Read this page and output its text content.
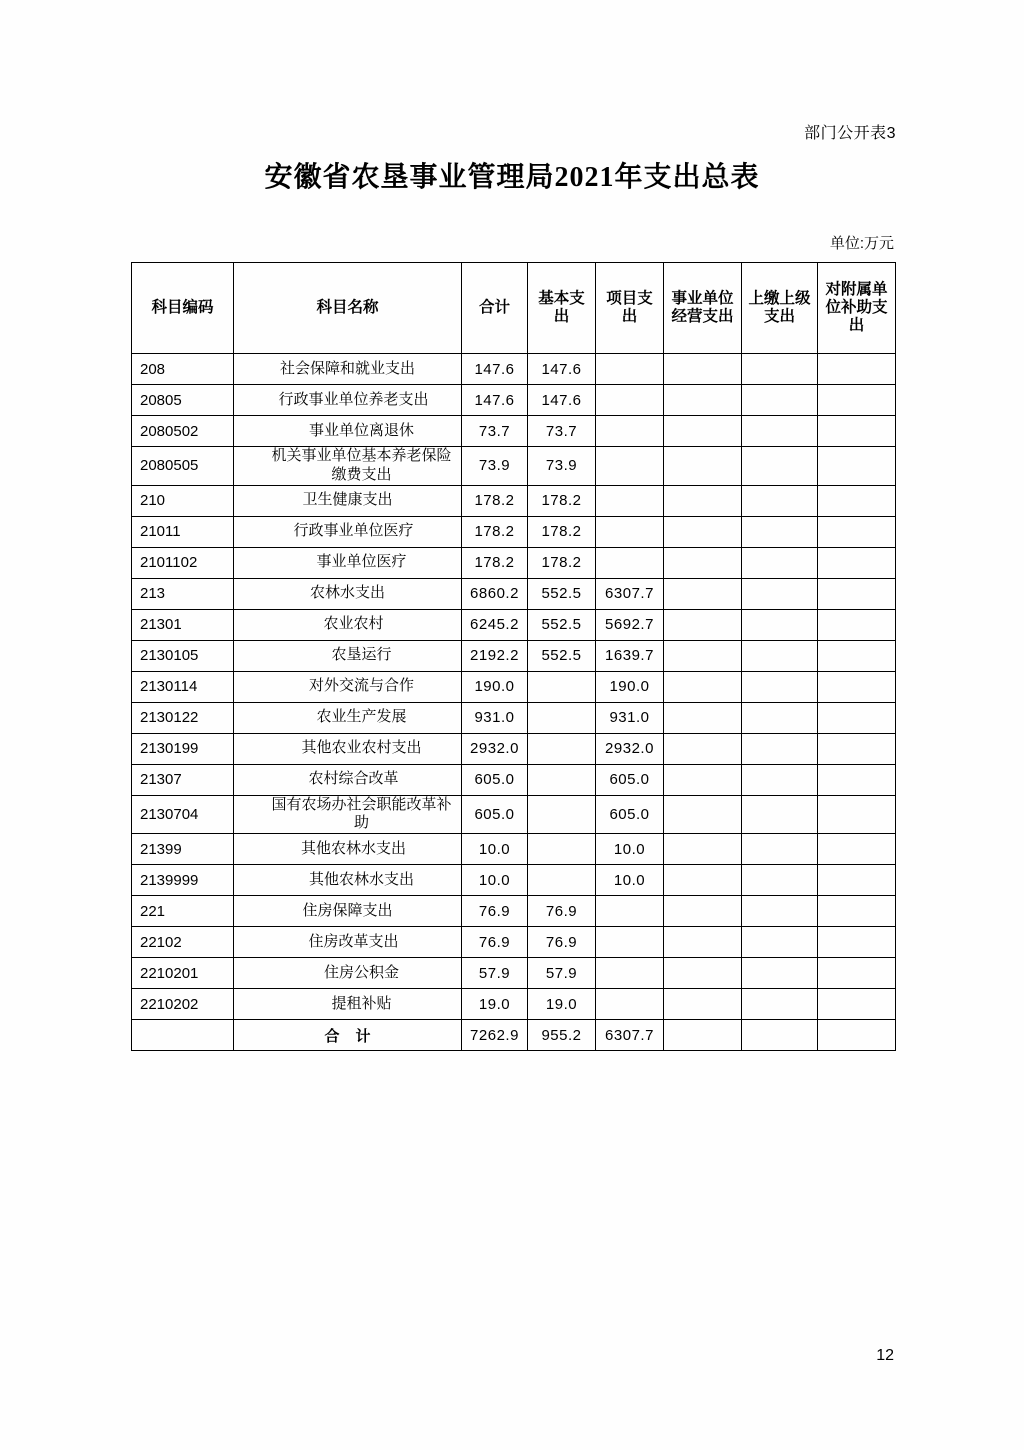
部门公开表3
安徽省农垦事业管理局2021年支出总表
单位:万元
科目编码	科目名称	合计	基本支出	项目支出	事业单位经营支出	上缴上级支出	对附属单位补助支出
208	社会保障和就业支出	147.6	147.6				
20805	行政事业单位养老支出	147.6	147.6				
2080502	事业单位离退休	73.7	73.7				
2080505	机关事业单位基本养老保险缴费支出	73.9	73.9				
210	卫生健康支出	178.2	178.2				
21011	行政事业单位医疗	178.2	178.2				
2101102	事业单位医疗	178.2	178.2				
213	农林水支出	6860.2	552.5	6307.7			
21301	农业农村	6245.2	552.5	5692.7			
2130105	农垦运行	2192.2	552.5	1639.7			
2130114	对外交流与合作	190.0		190.0			
2130122	农业生产发展	931.0		931.0			
2130199	其他农业农村支出	2932.0		2932.0			
21307	农村综合改革	605.0		605.0			
2130704	国有农场办社会职能改革补助	605.0		605.0			
21399	其他农林水支出	10.0		10.0			
2139999	其他农林水支出	10.0		10.0			
221	住房保障支出	76.9	76.9				
22102	住房改革支出	76.9	76.9				
2210201	住房公积金	57.9	57.9				
2210202	提租补贴	19.0	19.0				
	合计	7262.9	955.2	6307.7			
12
